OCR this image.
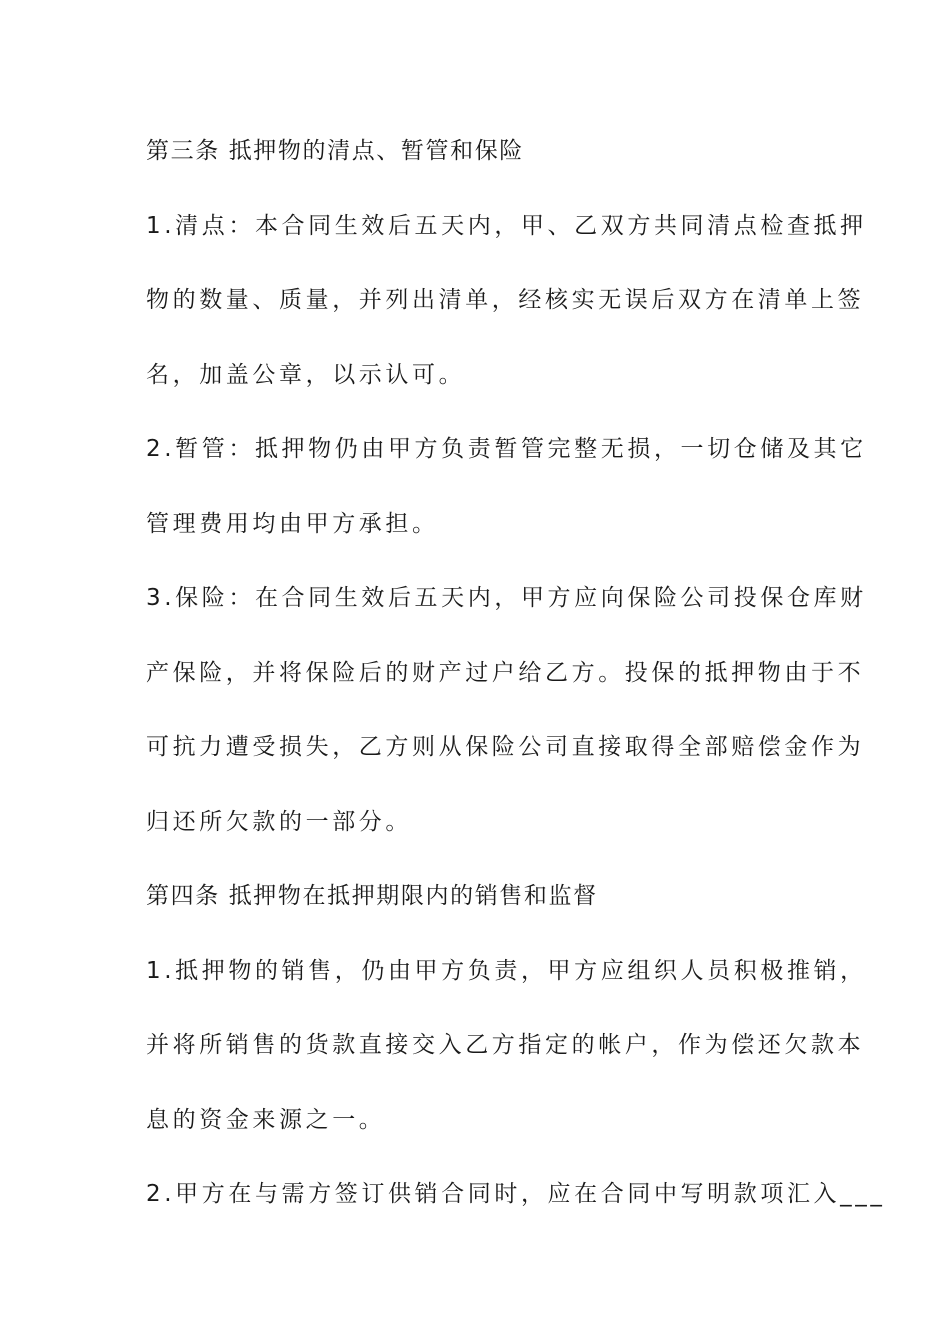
第三条 抵押物的清点、暂管和保险
1.清点：本合同生效后五天内，甲、乙双方共同清点检查抵押
物的数量、质量，并列出清单，经核实无误后双方在清单上签
名，加盖公章，以示认可。
2.暂管：抵押物仍由甲方负责暂管完整无损，一切仓储及其它
管理费用均由甲方承担。
3.保险：在合同生效后五天内，甲方应向保险公司投保仓库财
产保险，并将保险后的财产过户给乙方。投保的抵押物由于不
可抗力遭受损失，乙方则从保险公司直接取得全部赔偿金作为
归还所欠款的一部分。
第四条 抵押物在抵押期限内的销售和监督
1.抵押物的销售，仍由甲方负责，甲方应组织人员积极推销，
并将所销售的货款直接交入乙方指定的帐户，作为偿还欠款本
息的资金来源之一。
2.甲方在与需方签订供销合同时，应在合同中写明款项汇入___
